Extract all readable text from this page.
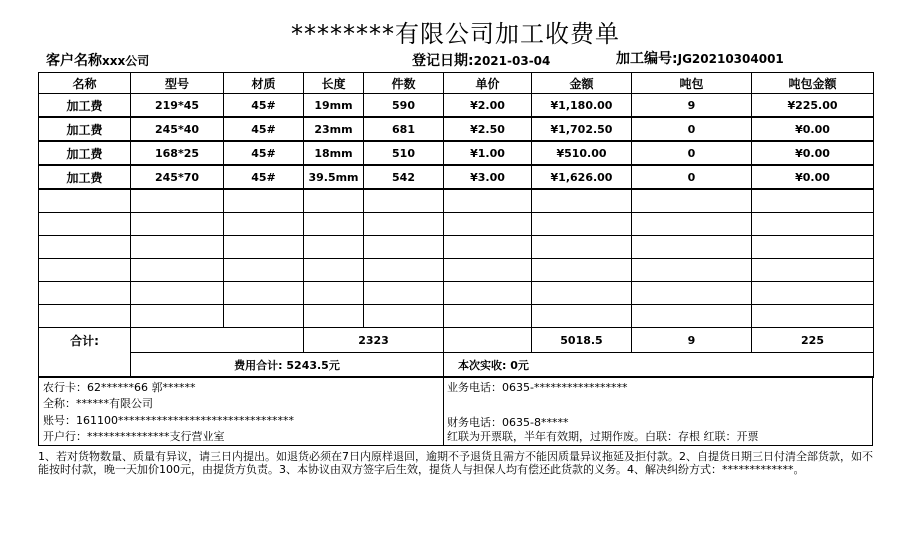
********有限公司加工收费单
客户名称xxx公司	登记日期:2021-03-04	加工编号:JG20210304001
名称	型号	材质	长度	件数	单价	金额	吨包	吨包金额
加工费	219*45	45#	19mm	590	¥2.00	¥1,180.00	9	¥225.00
加工费	245*40	45#	23mm	681	¥2.50	¥1,702.50	0	¥0.00
加工费	168*25	45#	18mm	510	¥1.00	¥510.00	0	¥0.00
加工费	245*70	45#	39.5mm	542	¥3.00	¥1,626.00	0	¥0.00

合计:			2323			5018.5	9	225
	费用合计: 5243.5元				本次实收: 0元			
农行卡：62******66 郭******
全称：******有限公司
账号：161100********************************
开户行：***************支行营业室
业务电话：0635-*****************
财务电话：0635-8*****
红联为开票联，半年有效期，过期作废。白联：存根 红联：开票
1、若对货物数量、质量有异议，请三日内提出。如退货必须在7日内原样退回，逾期不予退货且需方不能因质量异议拖延及拒付款。2、自提货日期三日付清全部货款，如不能按时付款，晚一天加价100元，由提货方负责。3、本协议由双方签字后生效，提货人与担保人均有偿还此货款的义务。4、解决纠纷方式：*************。
